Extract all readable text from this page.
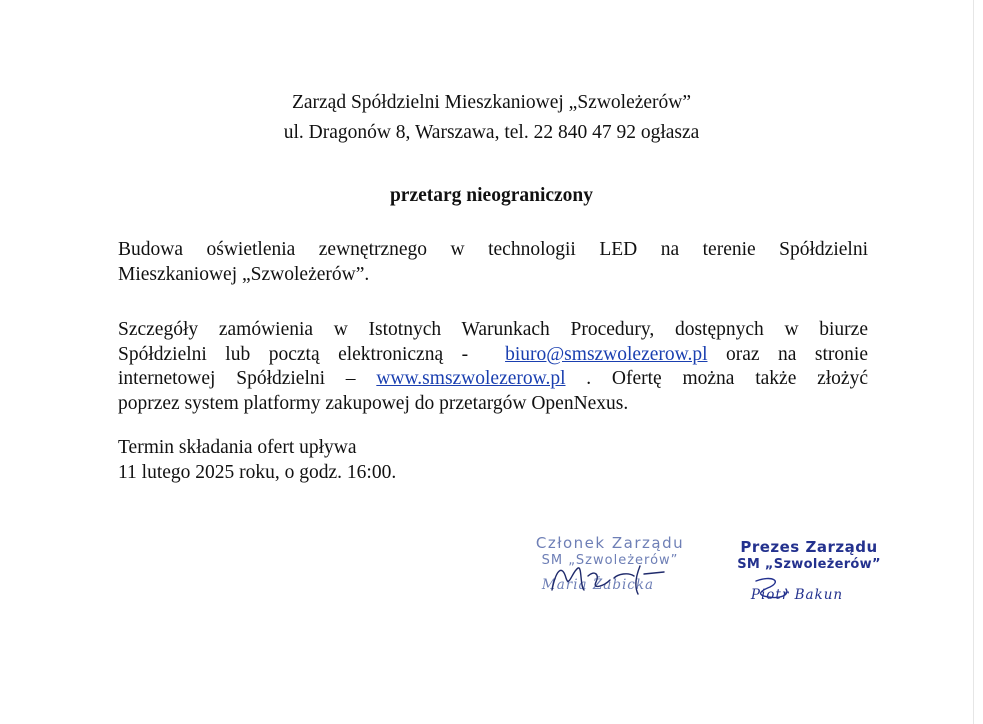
Zarząd Spółdzielni Mieszkaniowej „Szwoleżerów”
ul. Dragonów 8, Warszawa, tel. 22 840 47 92 ogłasza
przetarg nieograniczony
Budowa oświetlenia zewnętrznego w technologii LED na terenie Spółdzielni
Mieszkaniowej „Szwoleżerów”.
Szczegóły zamówienia w Istotnych Warunkach Procedury, dostępnych w biurze
Spółdzielni lub pocztą elektroniczną -  biuro@smszwolezerow.pl oraz na stronie
internetowej Spółdzielni – www.smszwolezerow.pl . Ofertę można także złożyć
poprzez system platformy zakupowej do przetargów OpenNexus.
Termin składania ofert upływa
11 lutego 2025 roku, o godz. 16:00.
Członek Zarządu
SM „Szwoleżerów”
Maria Żabicka
Prezes Zarządu
SM „Szwoleżerów”
Piotr Bakun
